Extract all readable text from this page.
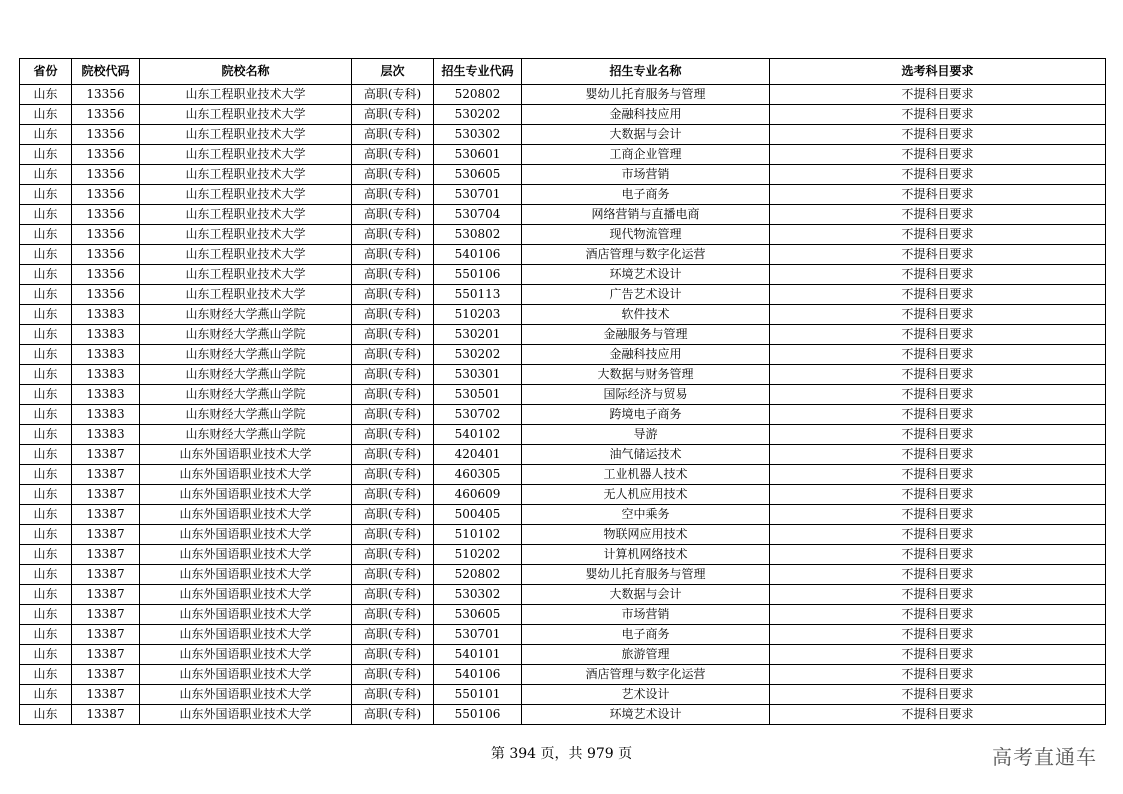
省份	院校代码	院校名称	层次	招生专业代码	招生专业名称	选考科目要求
山东	13356	山东工程职业技术大学	高职(专科)	520802	婴幼儿托育服务与管理	不提科目要求
山东	13356	山东工程职业技术大学	高职(专科)	530202	金融科技应用	不提科目要求
山东	13356	山东工程职业技术大学	高职(专科)	530302	大数据与会计	不提科目要求
山东	13356	山东工程职业技术大学	高职(专科)	530601	工商企业管理	不提科目要求
山东	13356	山东工程职业技术大学	高职(专科)	530605	市场营销	不提科目要求
山东	13356	山东工程职业技术大学	高职(专科)	530701	电子商务	不提科目要求
山东	13356	山东工程职业技术大学	高职(专科)	530704	网络营销与直播电商	不提科目要求
山东	13356	山东工程职业技术大学	高职(专科)	530802	现代物流管理	不提科目要求
山东	13356	山东工程职业技术大学	高职(专科)	540106	酒店管理与数字化运营	不提科目要求
山东	13356	山东工程职业技术大学	高职(专科)	550106	环境艺术设计	不提科目要求
山东	13356	山东工程职业技术大学	高职(专科)	550113	广告艺术设计	不提科目要求
山东	13383	山东财经大学燕山学院	高职(专科)	510203	软件技术	不提科目要求
山东	13383	山东财经大学燕山学院	高职(专科)	530201	金融服务与管理	不提科目要求
山东	13383	山东财经大学燕山学院	高职(专科)	530202	金融科技应用	不提科目要求
山东	13383	山东财经大学燕山学院	高职(专科)	530301	大数据与财务管理	不提科目要求
山东	13383	山东财经大学燕山学院	高职(专科)	530501	国际经济与贸易	不提科目要求
山东	13383	山东财经大学燕山学院	高职(专科)	530702	跨境电子商务	不提科目要求
山东	13383	山东财经大学燕山学院	高职(专科)	540102	导游	不提科目要求
山东	13387	山东外国语职业技术大学	高职(专科)	420401	油气储运技术	不提科目要求
山东	13387	山东外国语职业技术大学	高职(专科)	460305	工业机器人技术	不提科目要求
山东	13387	山东外国语职业技术大学	高职(专科)	460609	无人机应用技术	不提科目要求
山东	13387	山东外国语职业技术大学	高职(专科)	500405	空中乘务	不提科目要求
山东	13387	山东外国语职业技术大学	高职(专科)	510102	物联网应用技术	不提科目要求
山东	13387	山东外国语职业技术大学	高职(专科)	510202	计算机网络技术	不提科目要求
山东	13387	山东外国语职业技术大学	高职(专科)	520802	婴幼儿托育服务与管理	不提科目要求
山东	13387	山东外国语职业技术大学	高职(专科)	530302	大数据与会计	不提科目要求
山东	13387	山东外国语职业技术大学	高职(专科)	530605	市场营销	不提科目要求
山东	13387	山东外国语职业技术大学	高职(专科)	530701	电子商务	不提科目要求
山东	13387	山东外国语职业技术大学	高职(专科)	540101	旅游管理	不提科目要求
山东	13387	山东外国语职业技术大学	高职(专科)	540106	酒店管理与数字化运营	不提科目要求
山东	13387	山东外国语职业技术大学	高职(专科)	550101	艺术设计	不提科目要求
山东	13387	山东外国语职业技术大学	高职(专科)	550106	环境艺术设计	不提科目要求
第 394 页，共 979 页	高考直通车
